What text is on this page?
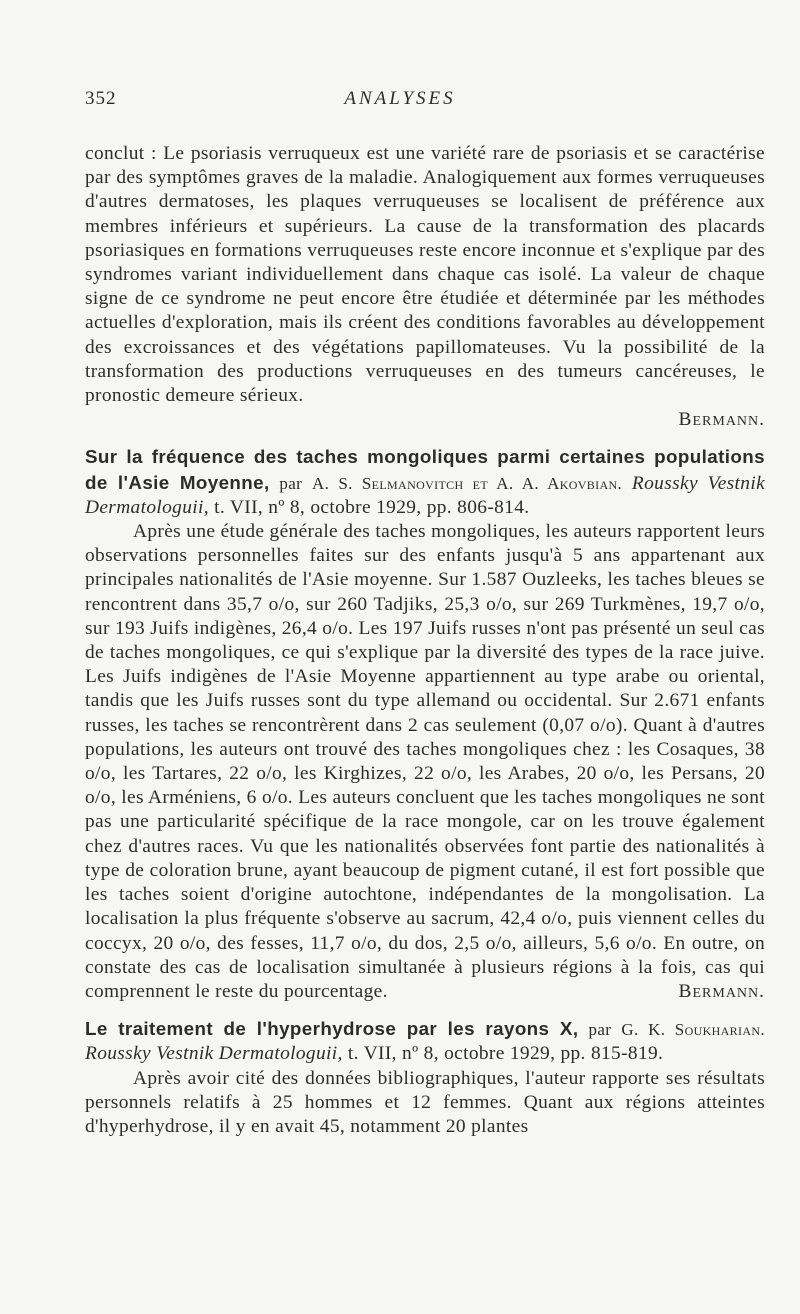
352	ANALYSES

conclut : Le psoriasis verruqueux est une variété rare de psoriasis et se caractérise par des symptômes graves de la maladie. Analogiquement aux formes verruqueuses d'autres dermatoses, les plaques verruqueuses se localisent de préférence aux membres inférieurs et supérieurs. La cause de la transformation des placards psoriasiques en formations verruqueuses reste encore inconnue et s'explique par des syndromes variant individuellement dans chaque cas isolé. La valeur de chaque signe de ce syndrome ne peut encore être étudiée et déterminée par les méthodes actuelles d'exploration, mais ils créent des conditions favorables au développement des excroissances et des végétations papillomateuses. Vu la possibilité de la transformation des productions verruqueuses en des tumeurs cancéreuses, le pronostic demeure sérieux.
Bermann.

Sur la fréquence des taches mongoliques parmi certaines populations de l'Asie Moyenne, par A. S. Selmanovitch et A. A. Akovbian. Rousskу Vestnik Dermatologuii, t. VII, nº 8, octobre 1929, pp. 806-814.

Après une étude générale des taches mongoliques, les auteurs rapportent leurs observations personnelles faites sur des enfants jusqu'à 5 ans appartenant aux principales nationalités de l'Asie moyenne. Sur 1.587 Ouzleeks, les taches bleues se rencontrent dans 35,7 o/o, sur 260 Tadjiks, 25,3 o/o, sur 269 Turkmènes, 19,7 o/o, sur 193 Juifs indigènes, 26,4 o/o. Les 197 Juifs russes n'ont pas présenté un seul cas de taches mongoliques, ce qui s'explique par la diversité des types de la race juive. Les Juifs indigènes de l'Asie Moyenne appartiennent au type arabe ou oriental, tandis que les Juifs russes sont du type allemand ou occidental. Sur 2.671 enfants russes, les taches se rencontrèrent dans 2 cas seulement (0,07 o/o). Quant à d'autres populations, les auteurs ont trouvé des taches mongoliques chez : les Cosaques, 38 o/o, les Tartares, 22 o/o, les Kirghizes, 22 o/o, les Arabes, 20 o/o, les Persans, 20 o/o, les Arméniens, 6 o/o. Les auteurs concluent que les taches mongoliques ne sont pas une particularité spécifique de la race mongole, car on les trouve également chez d'autres races. Vu que les nationalités observées font partie des nationalités à type de coloration brune, ayant beaucoup de pigment cutané, il est fort possible que les taches soient d'origine autochtone, indépendantes de la mongolisation. La localisation la plus fréquente s'observe au sacrum, 42,4 o/o, puis viennent celles du coccyx, 20 o/o, des fesses, 11,7 o/o, du dos, 2,5 o/o, ailleurs, 5,6 o/o. En outre, on constate des cas de localisation simultanée à plusieurs régions à la fois, cas qui comprennent le reste du pourcentage.	Bermann.

Le traitement de l'hyperhydrose par les rayons X, par G. K. Soukharian. Rousskу Vestnik Dermatologuii, t. VII, nº 8, octobre 1929, pp. 815-819.

Après avoir cité des données bibliographiques, l'auteur rapporte ses résultats personnels relatifs à 25 hommes et 12 femmes. Quant aux régions atteintes d'hyperhydrose, il y en avait 45, notamment 20 plantes
